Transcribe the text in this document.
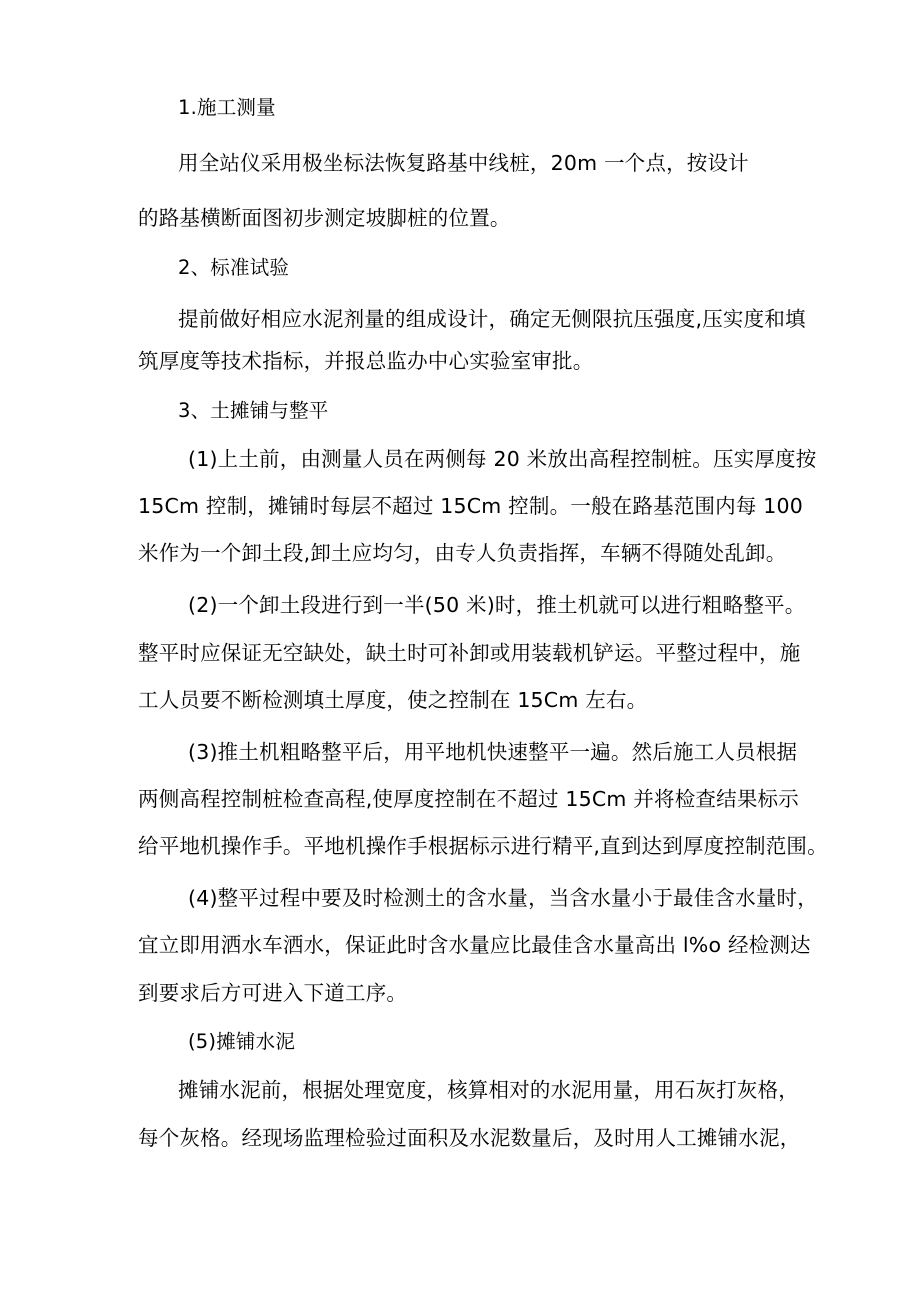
1.施工测量
用全站仪采用极坐标法恢复路基中线桩，20m 一个点，按设计
的路基横断面图初步测定坡脚桩的位置。
2、标准试验
提前做好相应水泥剂量的组成设计，确定无侧限抗压强度,压实度和填
筑厚度等技术指标，并报总监办中心实验室审批。
3、土摊铺与整平
(1)上土前，由测量人员在两侧每 20 米放出高程控制桩。压实厚度按
15Cm 控制，摊铺时每层不超过 15Cm 控制。一般在路基范围内每 100
米作为一个卸土段,卸土应均匀，由专人负责指挥，车辆不得随处乱卸。
(2)一个卸土段进行到一半(50 米)时，推土机就可以进行粗略整平。
整平时应保证无空缺处，缺土时可补卸或用装载机铲运。平整过程中，施
工人员要不断检测填土厚度，使之控制在 15Cm 左右。
(3)推土机粗略整平后，用平地机快速整平一遍。然后施工人员根据
两侧高程控制桩检查高程,使厚度控制在不超过 15Cm 并将检查结果标示
给平地机操作手。平地机操作手根据标示进行精平,直到达到厚度控制范围。
(4)整平过程中要及时检测土的含水量，当含水量小于最佳含水量时，
宜立即用洒水车洒水，保证此时含水量应比最佳含水量高出 l%o 经检测达
到要求后方可进入下道工序。
(5)摊铺水泥
摊铺水泥前，根据处理宽度，核算相对的水泥用量，用石灰打灰格，
每个灰格。经现场监理检验过面积及水泥数量后，及时用人工摊铺水泥，
